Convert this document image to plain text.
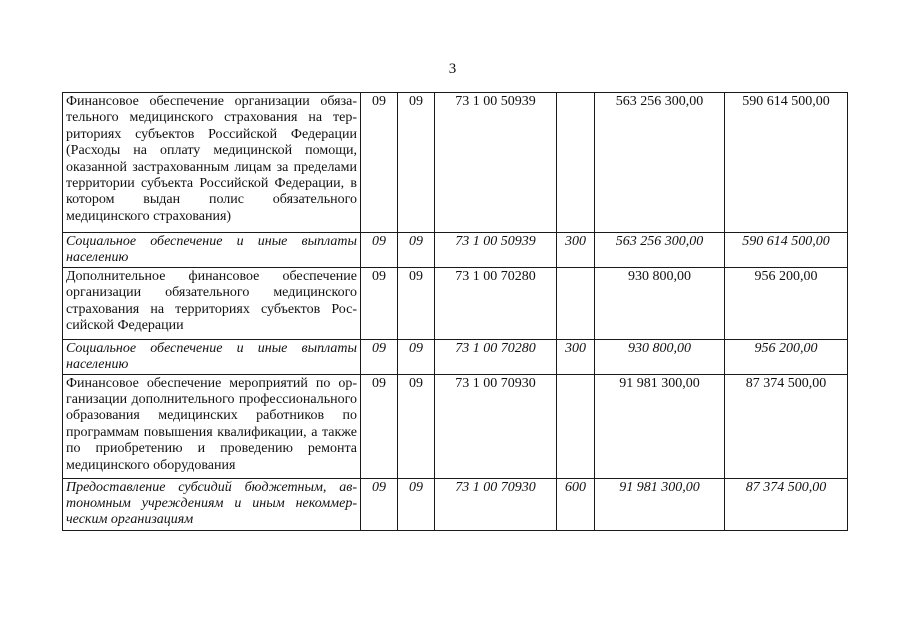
3
Финансовое обеспечение организации обязательного медицинского страхования на территориях субъектов Российской Федерации (Расходы на оплату медицинской помощи, оказанной застрахованным лицам за пределами территории субъекта Российской Федерации, в котором выдан полис обязательного медицинского страхования)	09	09	73 1 00 50939		563 256 300,00	590 614 500,00
Социальное обеспечение и иные выплаты населению	09	09	73 1 00 50939	300	563 256 300,00	590 614 500,00
Дополнительное финансовое обеспечение организации обязательного медицинского страхования на территориях субъектов Российской Федерации	09	09	73 1 00 70280		930 800,00	956 200,00
Социальное обеспечение и иные выплаты населению	09	09	73 1 00 70280	300	930 800,00	956 200,00
Финансовое обеспечение мероприятий по организации дополнительного профессионального образования медицинских работников по программам повышения квалификации, а также по приобретению и проведению ремонта медицинского оборудования	09	09	73 1 00 70930		91 981 300,00	87 374 500,00
Предоставление субсидий бюджетным, автономным учреждениям и иным некоммерческим организациям	09	09	73 1 00 70930	600	91 981 300,00	87 374 500,00
